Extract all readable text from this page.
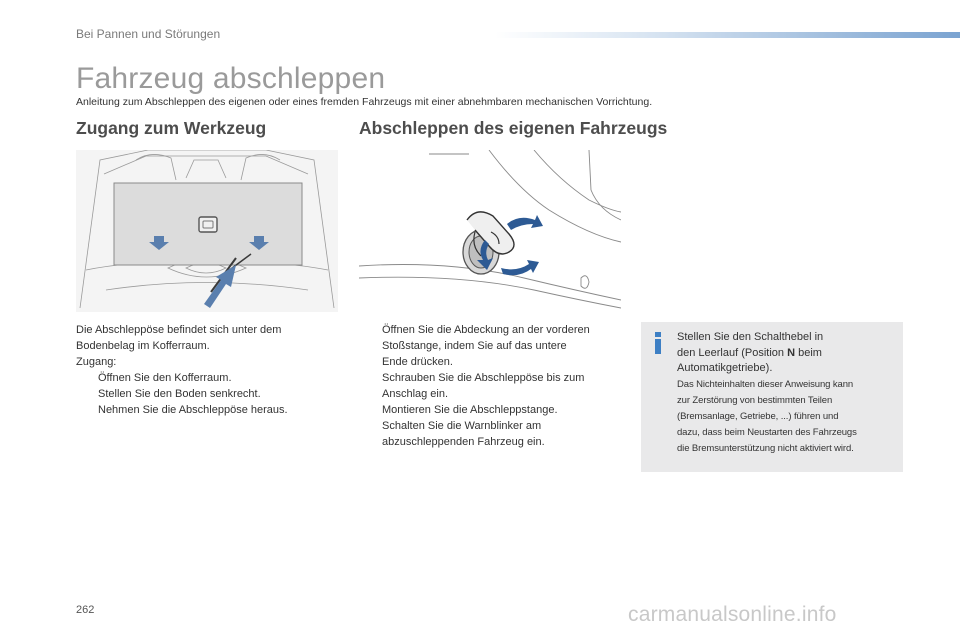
Bei Pannen und Störungen
Fahrzeug abschleppen
Anleitung zum Abschleppen des eigenen oder eines fremden Fahrzeugs mit einer abnehmbaren mechanischen Vorrichtung.
Zugang zum Werkzeug	Abschleppen des eigenen Fahrzeugs
Die Abschleppöse befindet sich unter dem
Bodenbelag im Kofferraum.
Zugang:
Öffnen Sie den Kofferraum.
Stellen Sie den Boden senkrecht.
Nehmen Sie die Abschleppöse heraus.
Öffnen Sie die Abdeckung an der vorderen
Stoßstange, indem Sie auf das untere
Ende drücken.
Schrauben Sie die Abschleppöse bis zum
Anschlag ein.
Montieren Sie die Abschleppstange.
Schalten Sie die Warnblinker am
abzuschleppenden Fahrzeug ein.
Stellen Sie den Schalthebel in
den Leerlauf (Position N beim
Automatikgetriebe).
Das Nichteinhalten dieser Anweisung kann
zur Zerstörung von bestimmten Teilen
(Bremsanlage, Getriebe, ...) führen und
dazu, dass beim Neustarten des Fahrzeugs
die Bremsunterstützung nicht aktiviert wird.
262	carmanualsonline.info
